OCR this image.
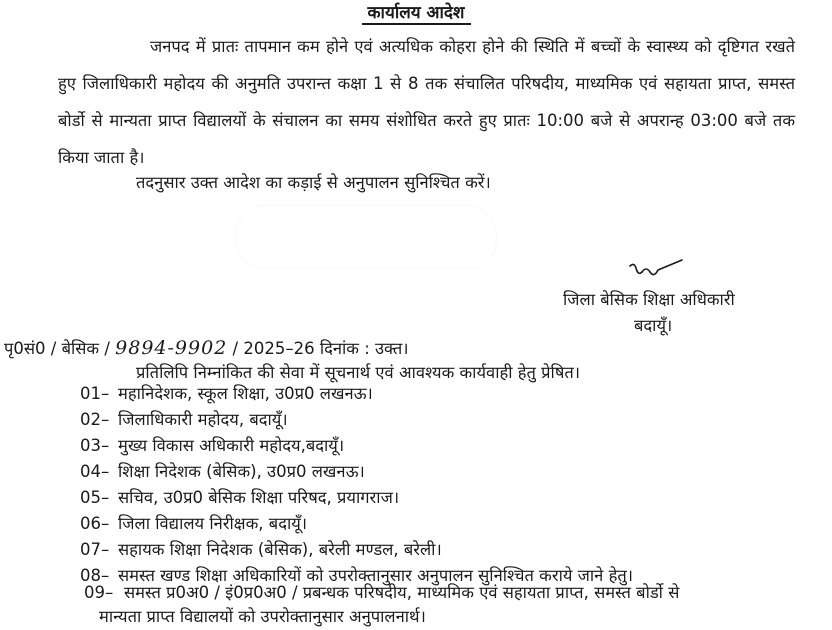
कार्यालय आदेश

जनपद में प्रातः तापमान कम होने एवं अत्यधिक कोहरा होने की स्थिति में बच्चों के स्वास्थ्य को दृष्टिगत रखते हुए जिलाधिकारी महोदय की अनुमति उपरान्त कक्षा 1 से 8 तक संचालित परिषदीय, माध्यमिक एवं सहायता प्राप्त, समस्त बोर्डो से मान्यता प्राप्त विद्यालयों के संचालन का समय संशोधित करते हुए प्रातः 10:00 बजे से अपरान्ह 03:00 बजे तक किया जाता है।

तदनुसार उक्त आदेश का कड़ाई से अनुपालन सुनिश्चित करें।

जिला बेसिक शिक्षा अधिकारी
बदायूँ।
पृ0सं0 / बेसिक / 9894-9902 / 2025–26 दिनांक : उक्त।
प्रतिलिपि निम्नांकित की सेवा में सूचनार्थ एवं आवश्यक कार्यवाही हेतु प्रेषित।
01– महानिदेशक, स्कूल शिक्षा, उ0प्र0 लखनऊ।
02– जिलाधिकारी महोदय, बदायूँ।
03– मुख्य विकास अधिकारी महोदय,बदायूँ।
04– शिक्षा निदेशक (बेसिक), उ0प्र0 लखनऊ।
05– सचिव, उ0प्र0 बेसिक शिक्षा परिषद, प्रयागराज।
06– जिला विद्यालय निरीक्षक, बदायूँ।
07– सहायक शिक्षा निदेशक (बेसिक), बरेली मण्डल, बरेली।
08– समस्त खण्ड शिक्षा अधिकारियों को उपरोक्तानुसार अनुपालन सुनिश्चित कराये जाने हेतु।

09– समस्त प्र0अ0 / इं0प्र0अ0 / प्रबन्धक परिषदीय, माध्यमिक एवं सहायता प्राप्त, समस्त बोर्डो से
मान्यता प्राप्त विद्यालयों को उपरोक्तानुसार अनुपालनार्थ।
